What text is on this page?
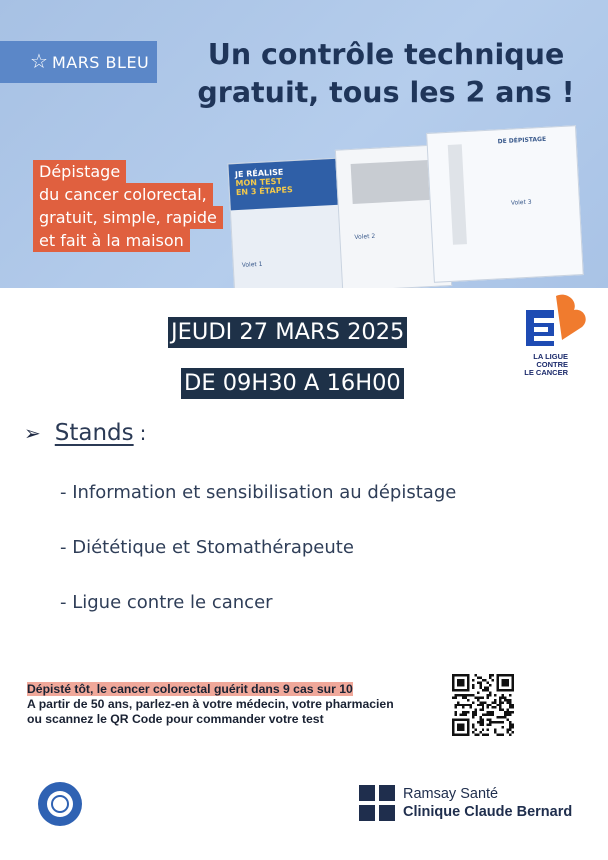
☆ MARS BLEU	Un contrôle technique gratuit, tous les 2 ans !
Dépistage
du cancer colorectal,
gratuit, simple, rapide
et fait à la maison
JE RÉALISE
MON TEST
EN 3 ÉTAPES
Volet 1
Volet 2
DE DÉPISTAGE
Volet 3
JEUDI 27 MARS 2025
DE 09H30 A 16H00
LA LIGUE
CONTRE
LE CANCER
➢ Stands :
- Information et sensibilisation au dépistage
- Diététique et Stomathérapeute
- Ligue contre le cancer
Dépisté tôt, le cancer colorectal guérit dans 9 cas sur 10
A partir de 50 ans, parlez-en à votre médecin, votre pharmacien
ou scannez le QR Code pour commander votre test
Ramsay Santé
Clinique Claude Bernard
